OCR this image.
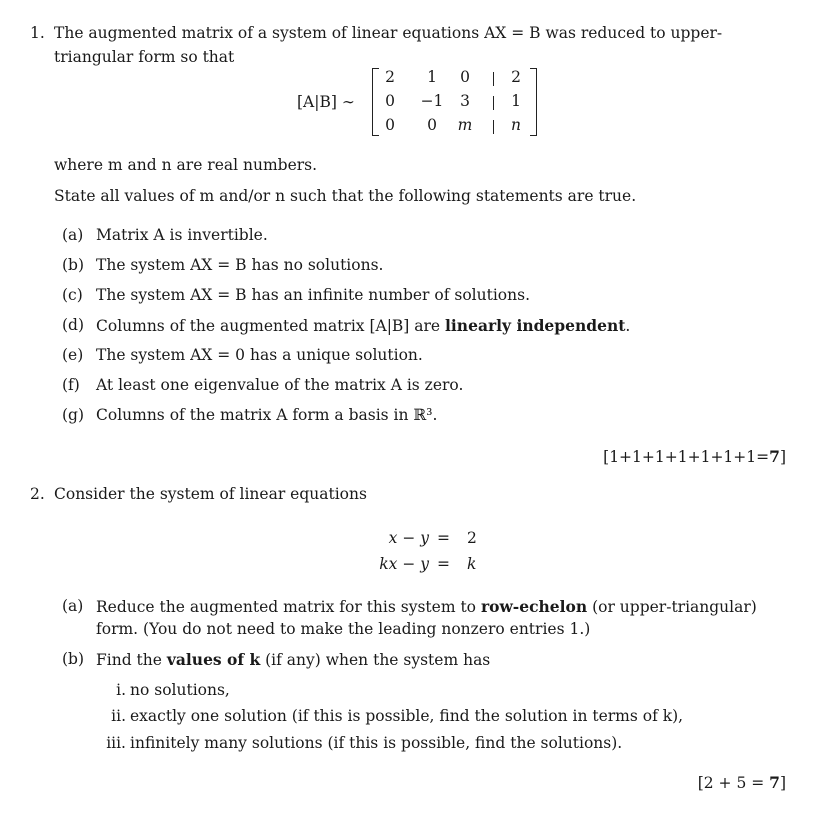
1. The augmented matrix of a system of linear equations AX = B was reduced to upper-
triangular form so that
[A|B] ∼
2	1	0	2
0	−1	3	1
0	0	m	n
where m and n are real numbers.
State all values of m and/or n such that the following statements are true.
(a) Matrix A is invertible.
(b) The system AX = B has no solutions.
(c) The system AX = B has an infinite number of solutions.
(d) Columns of the augmented matrix [A|B] are linearly independent.
(e) The system AX = 0 has a unique solution.
(f) At least one eigenvalue of the matrix A is zero.
(g) Columns of the matrix A form a basis in ℝ³.
[1+1+1+1+1+1+1=7]
2. Consider the system of linear equations
x − y = 2
kx − y = k
(a) Reduce the augmented matrix for this system to row-echelon (or upper-triangular)
form. (You do not need to make the leading nonzero entries 1.)
(b) Find the values of k (if any) when the system has
i. no solutions,
ii. exactly one solution (if this is possible, find the solution in terms of k),
iii. infinitely many solutions (if this is possible, find the solutions).
[2 + 5 = 7]
